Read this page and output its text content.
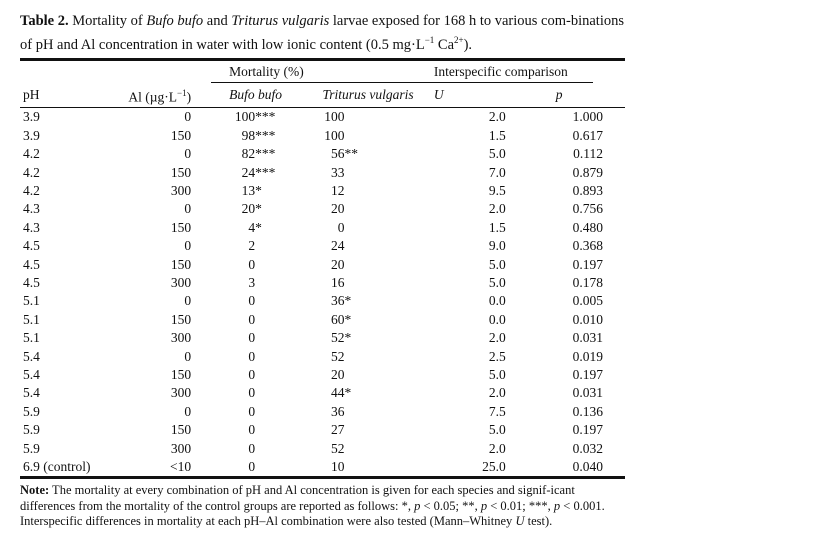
Table 2. Mortality of Bufo bufo and Triturus vulgaris larvae exposed for 168 h to various com-binations of pH and Al concentration in water with low ionic content (0.5 $mg\cdot L^{-1}$ $Ca^{2+}$).

		Mortality (%)		Interspecific comparison	

pH	Al $(\mu g\cdot L^{-1})$	Bufo bufo	Triturus vulgaris	U	p
3.9	0	100***	100	2.0	1.000
3.9	150	98***	100	1.5	0.617
4.2	0	82***	56**	5.0	0.112
4.2	150	24***	33	7.0	0.879
4.2	300	13*	12	9.5	0.893
4.3	0	20*	20	2.0	0.756
4.3	150	4*	0	1.5	0.480
4.5	0	2	24	9.0	0.368
4.5	150	0	20	5.0	0.197
4.5	300	3	16	5.0	0.178
5.1	0	0	36*	0.0	0.005
5.1	150	0	60*	0.0	0.010
5.1	300	0	52*	2.0	0.031
5.4	0	0	52	2.5	0.019
5.4	150	0	20	5.0	0.197
5.4	300	0	44*	2.0	0.031
5.9	0	0	36	7.5	0.136
5.9	150	0	27	5.0	0.197
5.9	300	0	52	2.0	0.032
6.9 (control)	<10	0	10	25.0	0.040

Note: The mortality at every combination of pH and Al concentration is given for each species and signif-icant differences from the mortality of the control groups are reported as follows: *, p < 0.05; **, p < 0.01; ***, p < 0.001. Interspecific differences in mortality at each pH–Al combination were also tested (Mann–Whitney U test).
